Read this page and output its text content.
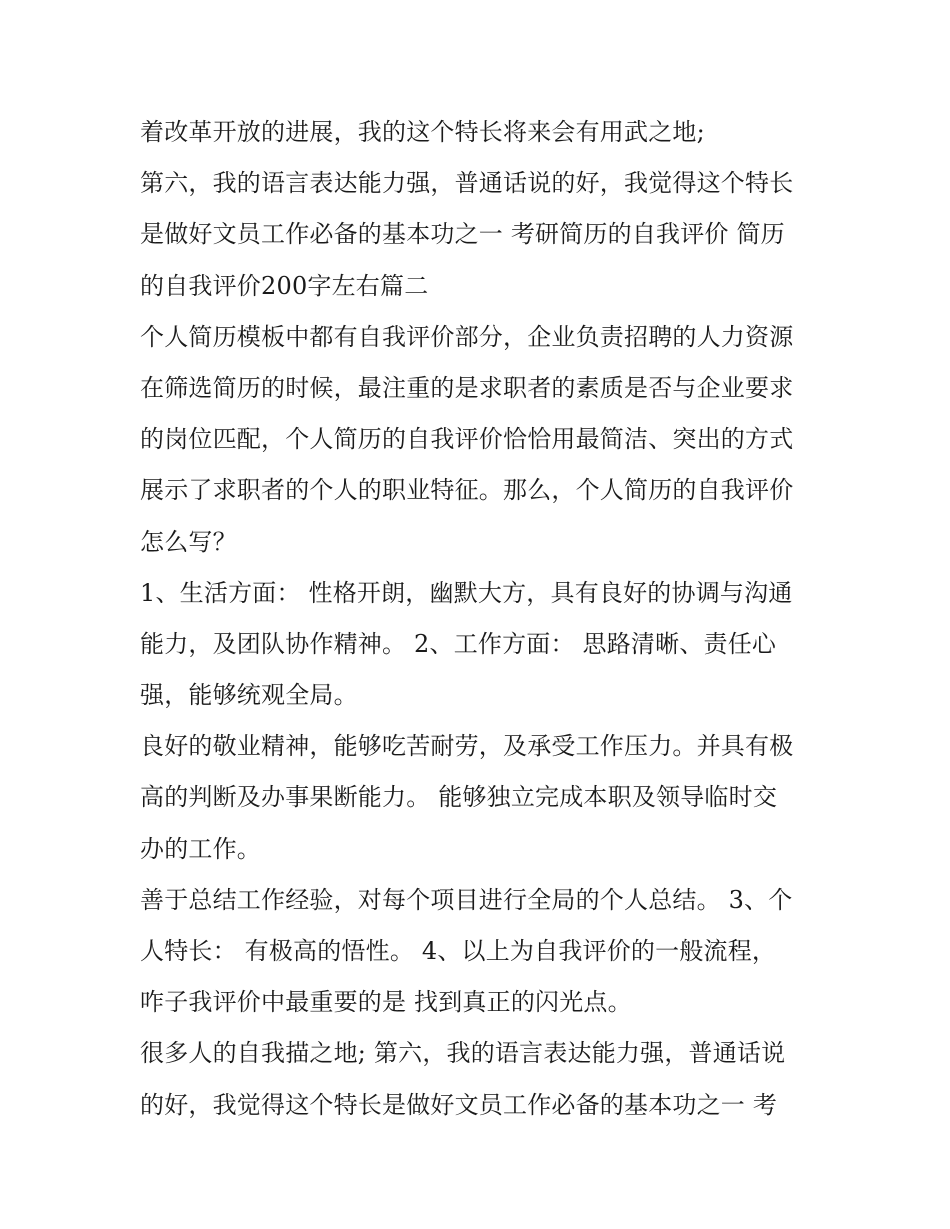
着改革开放的进展，我的这个特长将来会有用武之地;
第六，我的语言表达能力强，普通话说的好，我觉得这个特长
是做好文员工作必备的基本功之一 考研简历的自我评价 简历
的自我评价200字左右篇二
个人简历模板中都有自我评价部分，企业负责招聘的人力资源
在筛选简历的时候，最注重的是求职者的素质是否与企业要求
的岗位匹配，个人简历的自我评价恰恰用最简洁、突出的方式
展示了求职者的个人的职业特征。那么，个人简历的自我评价
怎么写？
1、生活方面： 性格开朗，幽默大方，具有良好的协调与沟通
能力，及团队协作精神。 2、工作方面： 思路清晰、责任心
强，能够统观全局。
良好的敬业精神，能够吃苦耐劳，及承受工作压力。并具有极
高的判断及办事果断能力。 能够独立完成本职及领导临时交
办的工作。
善于总结工作经验，对每个项目进行全局的个人总结。 3、个
人特长： 有极高的悟性。 4、以上为自我评价的一般流程，
咋子我评价中最重要的是 找到真正的闪光点。
很多人的自我描之地; 第六，我的语言表达能力强，普通话说
的好，我觉得这个特长是做好文员工作必备的基本功之一 考
